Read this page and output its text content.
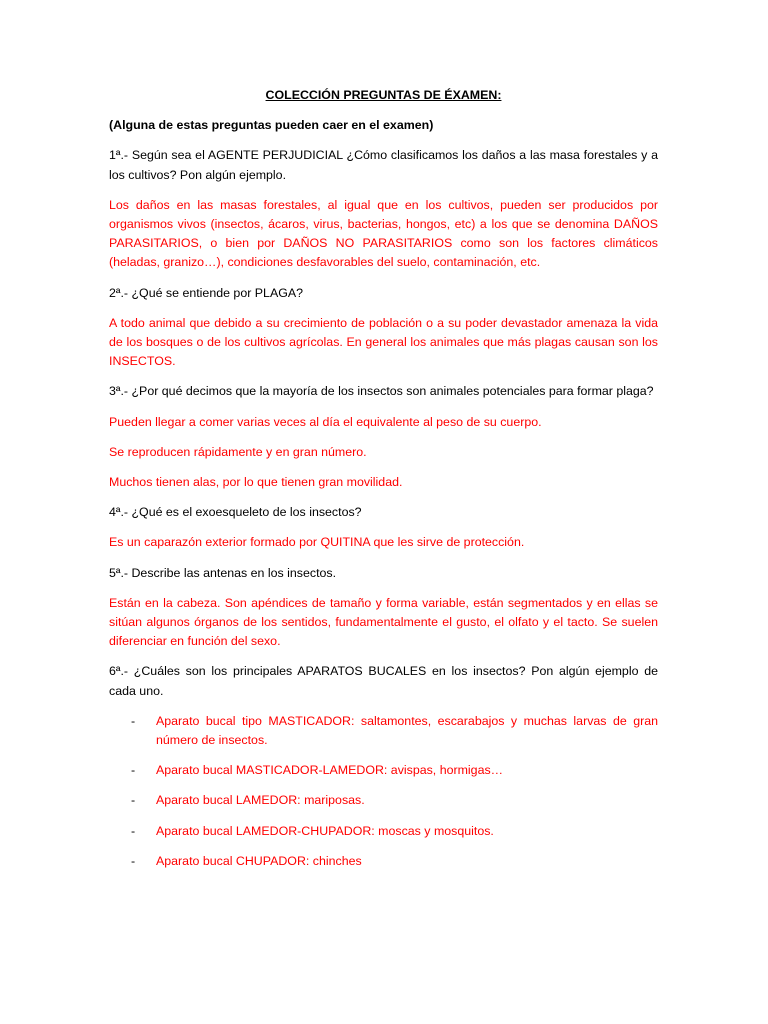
COLECCIÓN PREGUNTAS DE ÉXAMEN:

(Alguna de estas preguntas pueden caer en el examen)

1ª.- Según sea el AGENTE PERJUDICIAL ¿Cómo clasificamos los daños a las masa forestales y a los cultivos? Pon algún ejemplo.

Los daños en las masas forestales, al igual que en los cultivos, pueden ser producidos por organismos vivos (insectos, ácaros, virus, bacterias, hongos, etc) a los que se denomina DAÑOS PARASITARIOS, o bien por DAÑOS NO PARASITARIOS como son los factores climáticos (heladas, granizo…), condiciones desfavorables del suelo, contaminación, etc.

2ª.- ¿Qué se entiende por PLAGA?

A todo animal que debido a su crecimiento de población o a su poder devastador amenaza la vida de los bosques o de los cultivos agrícolas. En general los animales que más plagas causan son los INSECTOS.

3ª.- ¿Por qué decimos que la mayoría de los insectos son animales potenciales para formar plaga?

Pueden llegar a comer varias veces al día el equivalente al peso de su cuerpo.

Se reproducen rápidamente y en gran número.

Muchos tienen alas, por lo que tienen gran movilidad.

4ª.- ¿Qué es el exoesqueleto de los insectos?

Es un caparazón exterior formado por QUITINA que les sirve de protección.

5ª.- Describe las antenas en los insectos.

Están en la cabeza. Son apéndices de tamaño y forma variable, están segmentados y en ellas se sitúan algunos órganos de los sentidos, fundamentalmente el gusto, el olfato y el tacto. Se suelen diferenciar en función del sexo.

6ª.- ¿Cuáles son los principales APARATOS BUCALES en los insectos? Pon algún ejemplo de cada uno.

- Aparato bucal tipo MASTICADOR: saltamontes, escarabajos y muchas larvas de gran número de insectos.
- Aparato bucal MASTICADOR-LAMEDOR: avispas, hormigas…
- Aparato bucal LAMEDOR: mariposas.
- Aparato bucal LAMEDOR-CHUPADOR: moscas y mosquitos.
- Aparato bucal CHUPADOR: chinches
